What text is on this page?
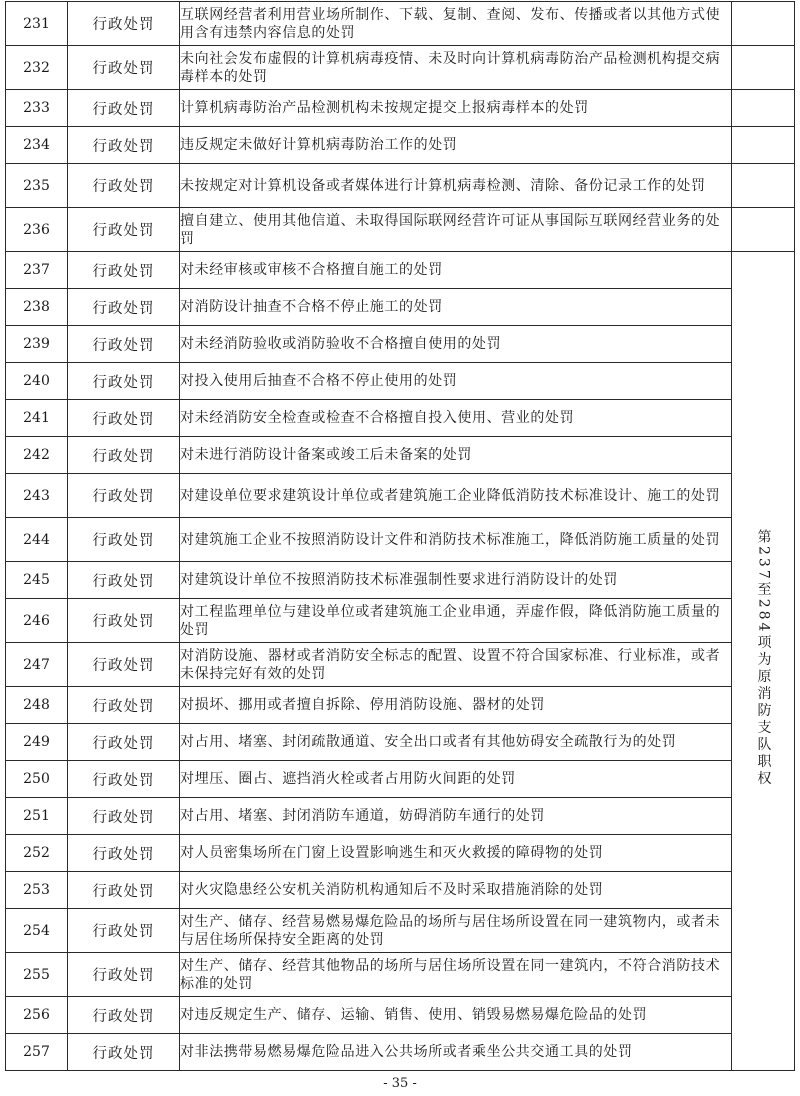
231	行政处罚	互联网经营者利用营业场所制作、下载、复制、查阅、发布、传播或者以其他方式使用含有违禁内容信息的处罚	
232	行政处罚	未向社会发布虚假的计算机病毒疫情、未及时向计算机病毒防治产品检测机构提交病毒样本的处罚	
233	行政处罚	计算机病毒防治产品检测机构未按规定提交上报病毒样本的处罚	
234	行政处罚	违反规定未做好计算机病毒防治工作的处罚	
235	行政处罚	未按规定对计算机设备或者媒体进行计算机病毒检测、清除、备份记录工作的处罚	
236	行政处罚	擅自建立、使用其他信道、未取得国际联网经营许可证从事国际互联网经营业务的处罚	
237	行政处罚	对未经审核或审核不合格擅自施工的处罚	第237至284项为原消防支队职权
238	行政处罚	对消防设计抽查不合格不停止施工的处罚	
239	行政处罚	对未经消防验收或消防验收不合格擅自使用的处罚	
240	行政处罚	对投入使用后抽查不合格不停止使用的处罚	
241	行政处罚	对未经消防安全检查或检查不合格擅自投入使用、营业的处罚	
242	行政处罚	对未进行消防设计备案或竣工后未备案的处罚	
243	行政处罚	对建设单位要求建筑设计单位或者建筑施工企业降低消防技术标准设计、施工的处罚	
244	行政处罚	对建筑施工企业不按照消防设计文件和消防技术标准施工，降低消防施工质量的处罚	
245	行政处罚	对建筑设计单位不按照消防技术标准强制性要求进行消防设计的处罚	
246	行政处罚	对工程监理单位与建设单位或者建筑施工企业串通，弄虚作假，降低消防施工质量的处罚	
247	行政处罚	对消防设施、器材或者消防安全标志的配置、设置不符合国家标准、行业标准，或者未保持完好有效的处罚	
248	行政处罚	对损坏、挪用或者擅自拆除、停用消防设施、器材的处罚	
249	行政处罚	对占用、堵塞、封闭疏散通道、安全出口或者有其他妨碍安全疏散行为的处罚	
250	行政处罚	对埋压、圈占、遮挡消火栓或者占用防火间距的处罚	
251	行政处罚	对占用、堵塞、封闭消防车通道，妨碍消防车通行的处罚	
252	行政处罚	对人员密集场所在门窗上设置影响逃生和灭火救援的障碍物的处罚	
253	行政处罚	对火灾隐患经公安机关消防机构通知后不及时采取措施消除的处罚	
254	行政处罚	对生产、储存、经营易燃易爆危险品的场所与居住场所设置在同一建筑物内，或者未与居住场所保持安全距离的处罚	
255	行政处罚	对生产、储存、经营其他物品的场所与居住场所设置在同一建筑内，不符合消防技术标准的处罚	
256	行政处罚	对违反规定生产、储存、运输、销售、使用、销毁易燃易爆危险品的处罚	
257	行政处罚	对非法携带易燃易爆危险品进入公共场所或者乘坐公共交通工具的处罚	
- 35 -
